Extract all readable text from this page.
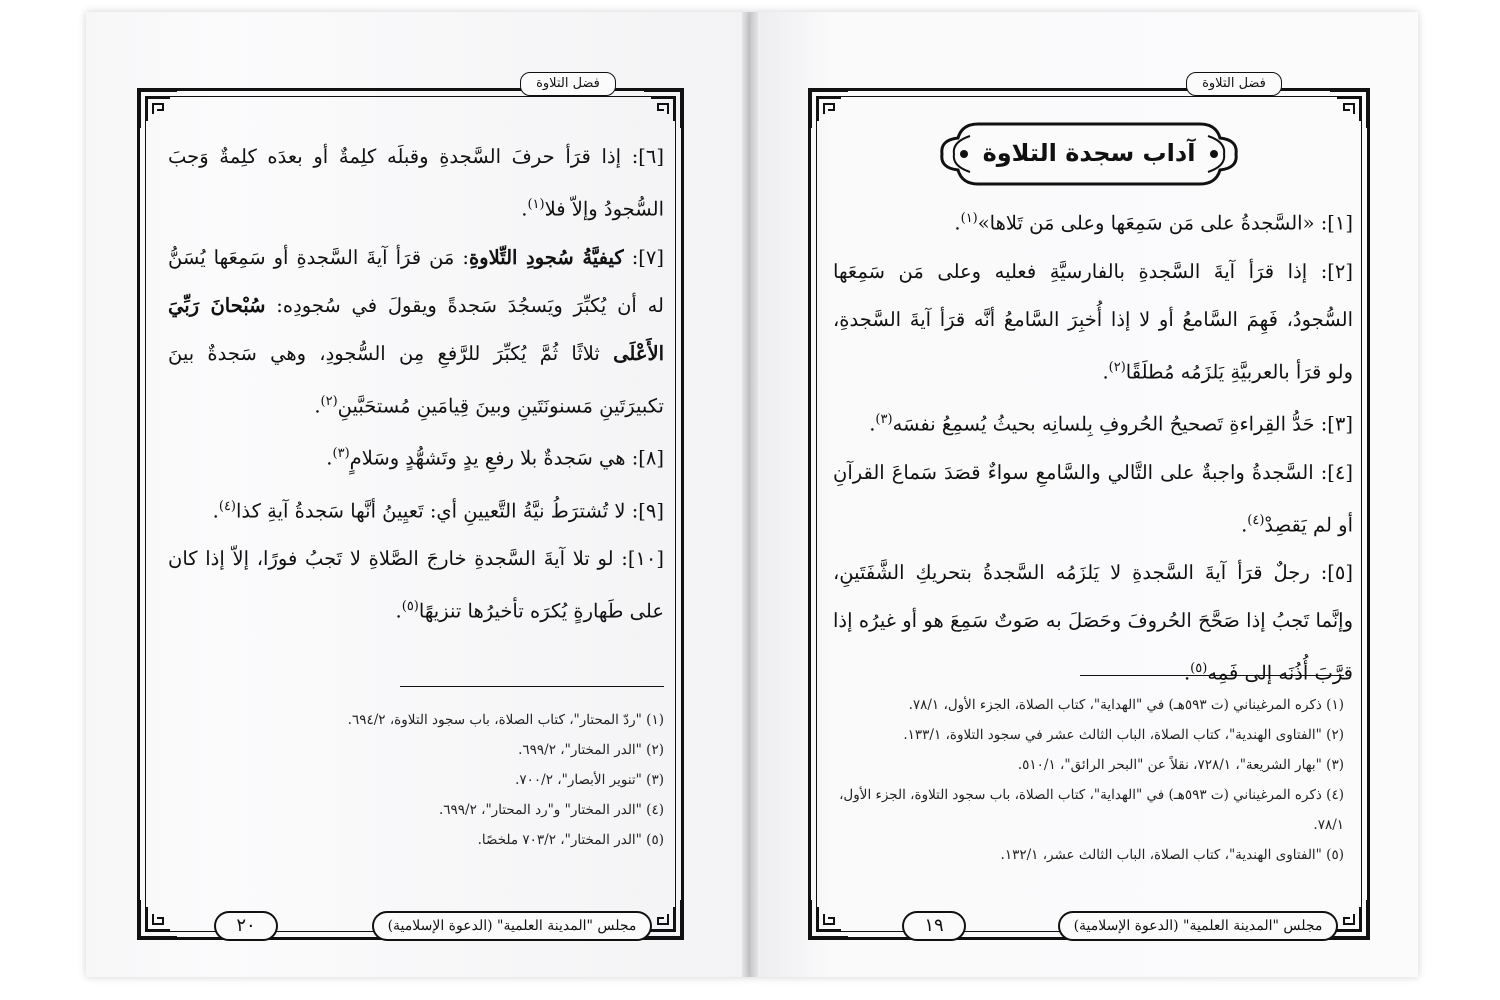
فضل التلاوة

[٦]: إذا قرَأ حرفَ السَّجدةِ وقبلَه كلِمةٌ أو بعدَه كلِمةٌ وَجبَ السُّجودُ وإلاّ فلا$^{(١)}$.

[٧]: كيفيَّةُ سُجودِ التِّلاوةِ: مَن قرَأ آيةَ السَّجدةِ أو سَمِعَها يُسَنُّ له أن يُكبِّرَ ويَسجُدَ سَجدةً ويقولَ في سُجودِه: سُبْحانَ رَبِّيَ الأَعْلَى ثلاثًا ثُمَّ يُكبِّرَ للرَّفعِ مِن السُّجودِ، وهي سَجدةٌ بينَ تكبيرَتَينِ مَسنونَتَينِ وبينَ قِيامَينِ مُستحَبَّينِ$^{(٢)}$.

[٨]: هي سَجدةٌ بلا رفعِ يدٍ وتَشهُّدٍ وسَلامٍ$^{(٣)}$.

[٩]: لا تُشترَطُ نيَّةُ التَّعيينِ أي: تَعيِينُ أنَّها سَجدةُ آيةِ كذا$^{(٤)}$.

[١٠]: لو تلا آيةَ السَّجدةِ خارجَ الصَّلاةِ لا تَجبُ فورًا، إلاّ إذا كان على طَهارةٍ يُكرَه تأخيرُها تنزيهًا$^{(٥)}$.

(١) "ردّ المحتار"، كتاب الصلاة، باب سجود التلاوة، ٦٩٤/٢.
(٢) "الدر المختار"، ٦٩٩/٢.
(٣) "تنوير الأبصار"، ٧٠٠/٢.
(٤) "الدر المختار" و"رد المحتار"، ٦٩٩/٢.
(٥) "الدر المختار"، ٧٠٣/٢ ملخصًا.
٢٠	مجلس "المدينة العلمية" (الدعوة الإسلامية)
فضل التلاوة
آداب سجدة التلاوة

[١]: «السَّجدةُ على مَن سَمِعَها وعلى مَن تَلاها»$^{(١)}$.

[٢]: إذا قرَأ آيةَ السَّجدةِ بالفارسيَّةِ فعليه وعلى مَن سَمِعَها السُّجودُ، فَهِمَ السَّامعُ أو لا إذا أُخبِرَ السَّامعُ أنَّه قرَأ آيةَ السَّجدةِ، ولو قرَأ بالعربيَّةِ يَلزَمُه مُطلَقًا$^{(٢)}$.

[٣]: حَدُّ القِراءةِ تَصحيحُ الحُروفِ بِلسانِه بحيثُ يُسمِعُ نفسَه$^{(٣)}$.

[٤]: السَّجدةُ واجبةٌ على التَّالي والسَّامعِ سواءٌ قصَدَ سَماعَ القرآنِ أو لم يَقصِدْ$^{(٤)}$.

[٥]: رجلٌ قرَأ آيةَ السَّجدةِ لا يَلزَمُه السَّجدةُ بتحريكِ الشَّفَتَينِ، وإنَّما تَجبُ إذا صَحَّحَ الحُروفَ وحَصَلَ به صَوتٌ سَمِعَ هو أو غيرُه إذا قرَّبَ أُذُنَه إلى فَمِه$^{(٥)}$.

(١) ذكره المرغيناني (ت ٥٩٣هـ) في "الهداية"، كتاب الصلاة، الجزء الأول، ٧٨/١.
(٢) "الفتاوى الهندية"، كتاب الصلاة، الباب الثالث عشر في سجود التلاوة، ١٣٣/١.
(٣) "بهار الشريعة"، ٧٢٨/١، نقلاً عن "البحر الرائق"، ٥١٠/١.
(٤) ذكره المرغيناني (ت ٥٩٣هـ) في "الهداية"، كتاب الصلاة، باب سجود التلاوة، الجزء الأول، ٧٨/١.
(٥) "الفتاوى الهندية"، كتاب الصلاة، الباب الثالث عشر، ١٣٢/١.
١٩	مجلس "المدينة العلمية" (الدعوة الإسلامية)
